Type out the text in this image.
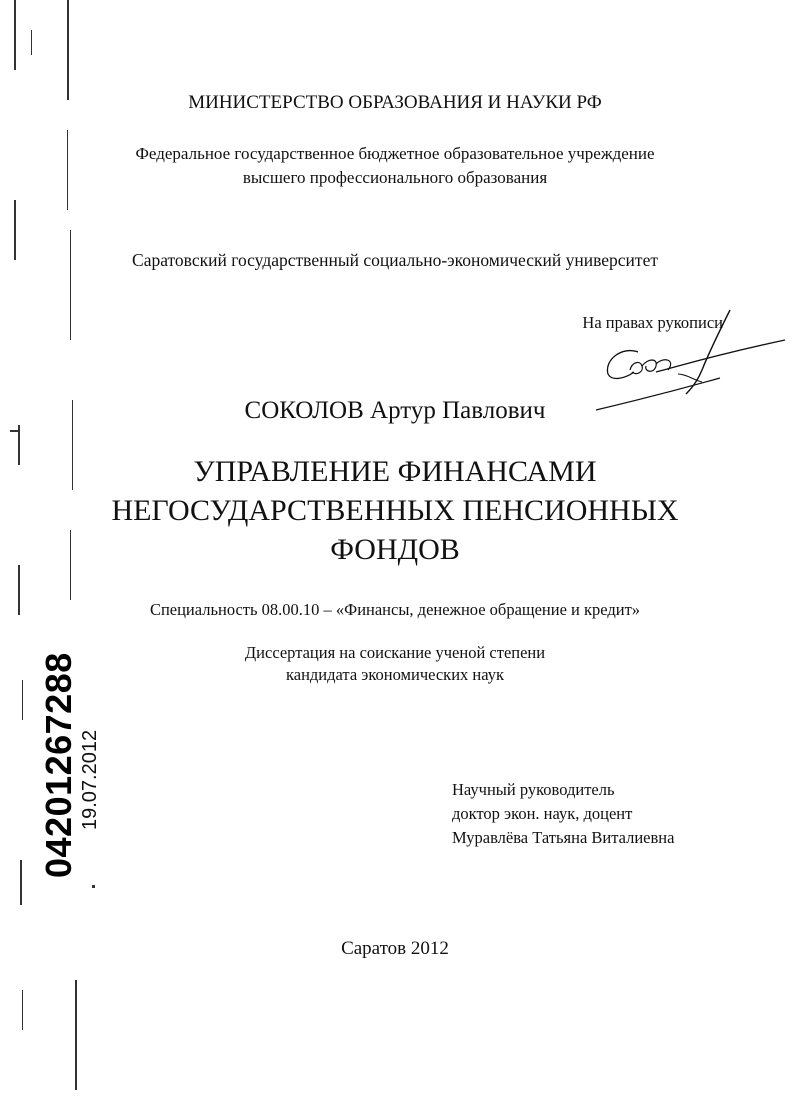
04201267288 19.07.2012
МИНИСТЕРСТВО ОБРАЗОВАНИЯ И НАУКИ РФ
Федеральное государственное бюджетное образовательное учреждение
высшего профессионального образования
Саратовский государственный социально-экономический университет
На правах рукописи
СОКОЛОВ Артур Павлович
УПРАВЛЕНИЕ ФИНАНСАМИ
НЕГОСУДАРСТВЕННЫХ ПЕНСИОННЫХ
ФОНДОВ
Специальность 08.00.10 – «Финансы, денежное обращение и кредит»
Диссертация на соискание ученой степени
кандидата экономических наук
Научный руководитель
доктор экон. наук, доцент
Муравлёва Татьяна Виталиевна
Саратов 2012
